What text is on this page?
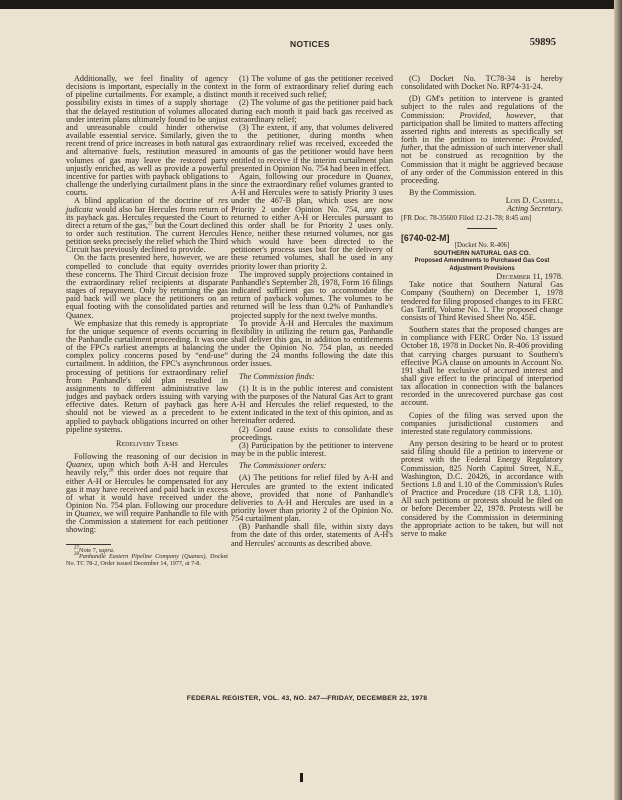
NOTICES	59895

Additionally, we feel finality of agency decisions is important, especially in the context of pipeline curtailments. For example, a distinct possibility exists in times of a supply shortage that the delayed restitution of volumes allocated under interim plans ultimately found to be unjust and unreasonable could hinder otherwise available essential service. Similarly, given the recent trend of price increases in both natural gas and alternative fuels, restitution measured in volumes of gas may leave the restored party unjustly enriched, as well as provide a powerful incentive for parties with payback obligations to challenge the underlying curtailment plans in the courts.

A blind application of the doctrine of res judicata would also bar Hercules from return of its payback gas. Hercules requested the Court to direct a return of the gas,$^{27}$ but the Court declined to order such restitution. The current Hercules petition seeks precisely the relief which the Third Circuit has previously declined to provide.

On the facts presented here, however, we are compelled to conclude that equity overrides these concerns. The Third Circuit decision froze the extraordinary relief recipients at disparate stages of repayment. Only by returning the gas paid back will we place the petitioners on an equal footing with the consolidated parties and Quanex.

We emphasize that this remedy is appropriate for the unique sequence of events occurring in the Panhandle curtailment proceeding. It was one of the FPC's earliest attempts at balancing the complex policy concerns posed by “end-use” curtailment. In addition, the FPC's asynchronous processing of petitions for extraordinary relief from Panhandle's old plan resulted in assignments to different administrative law judges and payback orders issuing with varying effective dates. Return of payback gas here should not be viewed as a precedent to be applied to payback obligations incurred on other pipeline systems.

Redelivery Terms

Following the reasoning of our decision in Quanex, upon which both A-H and Hercules heavily rely,$^{28}$ this order does not require that either A-H or Hercules be compensated for any gas it may have received and paid back in excess of what it would have received under the Opinion No. 754 plan. Following our procedure in Quanex, we will require Panhandle to file with the Commission a statement for each petitioner showing:

$^{27}$Note 7, supra.

$^{28}$Panhandle Eastern Pipeline Company (Quanex), Docket No. TC 78-2, Order issued December 14, 1977, at 7-8.

(1) The volume of gas the petitioner received in the form of extraordinary relief during each month it received such relief;

(2) The volume of gas the petitioner paid back during each month it paid back gas received as extraordinary relief;

(3) The extent, if any, that volumes delivered to the petitioner, during months when extraordinary relief was received, exceeded the amounts of gas the petitioner would have been entitled to receive if the interim curtailment plan presented in Opinion No. 754 had been in effect.

Again, following our procedure in Quanex, since the extraordinary relief volumes granted to A-H and Hercules were to satisfy Priority 3 uses under the 467-B plan, which uses are now Priority 2 under Opinion No. 754, any gas returned to either A-H or Hercules pursuant to this order shall be for Priority 2 uses only. Hence, neither these returned volumes, nor gas which would have been directed to the petitioner's process uses but for the delivery of these returned volumes, shall be used in any priority lower than priority 2.

The improved supply projections contained in Panhandle's September 28, 1978, Form 16 filings indicated sufficient gas to accommodate the return of payback volumes. The volumes to be returned will be less than 0.2% of Panhandle's projected supply for the next twelve months.

To provide A-H and Hercules the maximum flexibility in utilizing the return gas, Panhandle shall deliver this gas, in addition to entitlements under the Opinion No. 754 plan, as needed during the 24 months following the date this order issues.

The Commission finds:

(1) It is in the public interest and consistent with the purposes of the Natural Gas Act to grant A-H and Hercules the relief requested, to the extent indicated in the text of this opinion, and as hereinafter ordered.

(2) Good cause exists to consolidate these proceedings.

(3) Participation by the petitioner to intervene may be in the public interest.

The Commissioner orders:

(A) The petitions for relief filed by A-H and Hercules are granted to the extent indicated above, provided that none of Panhandle's deliveries to A-H and Hercules are used in a priority lower than priority 2 of the Opinion No. 754 curtailment plan.

(B) Panhandle shall file, within sixty days from the date of this order, statements of A-H's and Hercules' accounts as described above.

(C) Docket No. TC78-34 is hereby consolidated with Docket No. RP74-31-24.

(D) GM's petition to intervene is granted subject to the rules and regulations of the Commission: Provided, however, that participation shall be limited to matters affecting asserted rights and interests as specifically set forth in the petition to intervene: Provided, futher, that the admission of such intervener shall not be construed as recognition by the Commission that it might be aggrieved because of any order of the Commission entered in this proceeding.

By the Commission.

Lois D. Cashell,

Acting Secretary.

[FR Doc. 78-35600 Filed 12-21-78; 8:45 am]

[6740-02-M]

[Docket No. R-406]

SOUTHERN NATURAL GAS CO.

Proposed Amendments to Purchased Gas Cost Adjustment Provisions

December 11, 1978.

Take notice that Southern Natural Gas Company (Southern) on December 1, 1978 tendered for filing proposed changes to its FERC Gas Tariff, Volume No. 1. The proposed change consists of Third Revised Sheet No. 45E.

Southern states that the proposed changes are in compliance with FERC Order No. 13 issued October 18, 1978 in Docket No. R-406 providing that carrying charges pursuant to Southern's effective PGA clause on amounts in Account No. 191 shall be exclusive of accrued interest and shall give effect to the principal of interperiod tax allocation in connection with the balances recorded in the unrecovered purchase gas cost account.

Copies of the filing was served upon the companies jurisdictional customers and interested state regulatory commissions.

Any person desiring to be heard or to protest said filing should file a petition to intervene or protest with the Federal Energy Regulatory Commission, 825 North Capitol Street, N.E., Washington, D.C. 20426, in accordance with Sections 1.8 and 1.10 of the Commission's Rules of Practice and Procedure (18 CFR 1.8, 1.10). All such petitions or protests should be filed on or before December 22, 1978. Protests will be considered by the Commission in determining the appropriate action to be taken, but will not serve to make

FEDERAL REGISTER, VOL. 43, NO. 247—FRIDAY, DECEMBER 22, 1978
